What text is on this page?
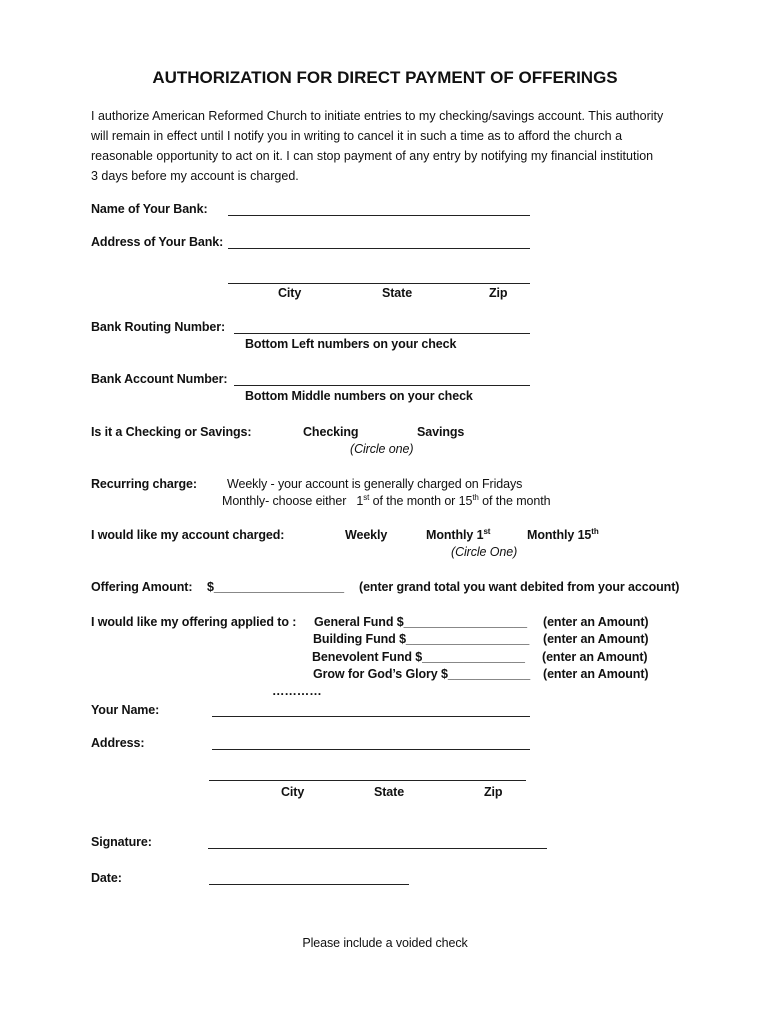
AUTHORIZATION FOR DIRECT PAYMENT OF OFFERINGS
I authorize American Reformed Church to initiate entries to my checking/savings account. This authority
will remain in effect until I notify you in writing to cancel it in such a time as to afford the church a
reasonable opportunity to act on it. I can stop payment of any entry by notifying my financial institution
3 days before my account is charged.
Name of Your Bank:
Address of Your Bank:
City	State	Zip
Bank Routing Number:
Bottom Left numbers on your check
Bank Account Number:
Bottom Middle numbers on your check
Is it a Checking or Savings:	Checking	Savings
(Circle one)
Recurring charge: Weekly - your account is generally charged on Fridays
Monthly- choose either 1st of the month or 15th of the month
I would like my account charged:	Weekly	Monthly 1st	Monthly 15th
(Circle One)
Offering Amount: $___________________ (enter grand total you want debited from your account)
I would like my offering applied to : General Fund $__________________ (enter an Amount)
Building Fund $__________________ (enter an Amount)
Benevolent Fund $_______________ (enter an Amount)
Grow for God’s Glory $____________ (enter an Amount)
…………
Your Name:
Address:
City	State	Zip
Signature:
Date:
Please include a voided check
